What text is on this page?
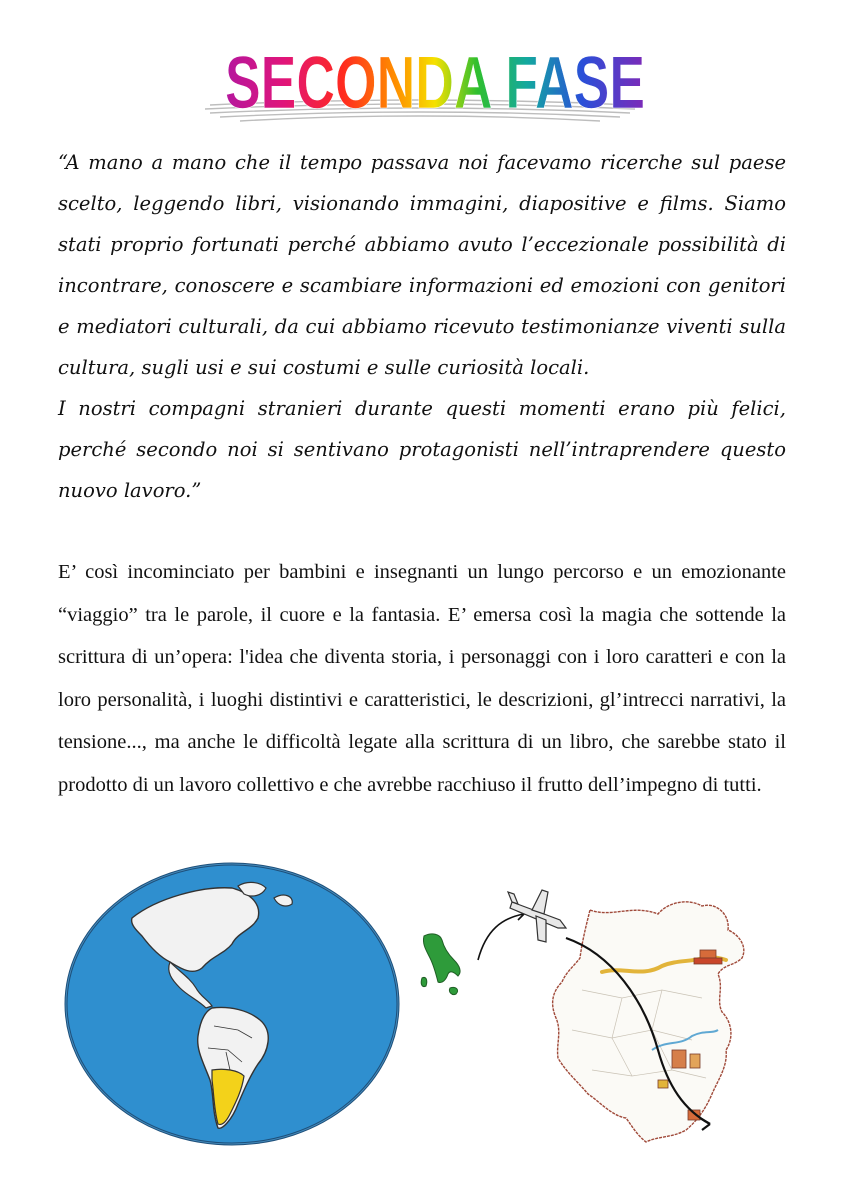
SECONDA FASE

“A mano a mano che il tempo passava noi facevamo ricerche sul paese scelto, leggendo libri, visionando immagini, diapositive e films. Siamo stati proprio fortunati perché abbiamo avuto l’eccezionale possibilità di incontrare, conoscere e scambiare informazioni ed emozioni con genitori e mediatori culturali, da cui abbiamo ricevuto testimonianze viventi sulla cultura, sugli usi e sui costumi e sulle curiosità locali.

I nostri compagni stranieri durante questi momenti erano più felici, perché secondo noi si sentivano protagonisti nell’intraprendere questo nuovo lavoro.”

E’ così incominciato per bambini e insegnanti un lungo percorso e un emozionante “viaggio” tra le parole, il cuore e la fantasia. E’ emersa così la magia che sottende la scrittura di un’opera: l'idea che diventa storia, i personaggi con i loro caratteri e con la loro personalità, i luoghi distintivi e caratteristici, le descrizioni, gl’intrecci narrativi, la tensione..., ma anche le difficoltà legate alla scrittura di un libro, che sarebbe stato il prodotto di un lavoro collettivo e che avrebbe racchiuso il frutto dell’impegno di tutti.
